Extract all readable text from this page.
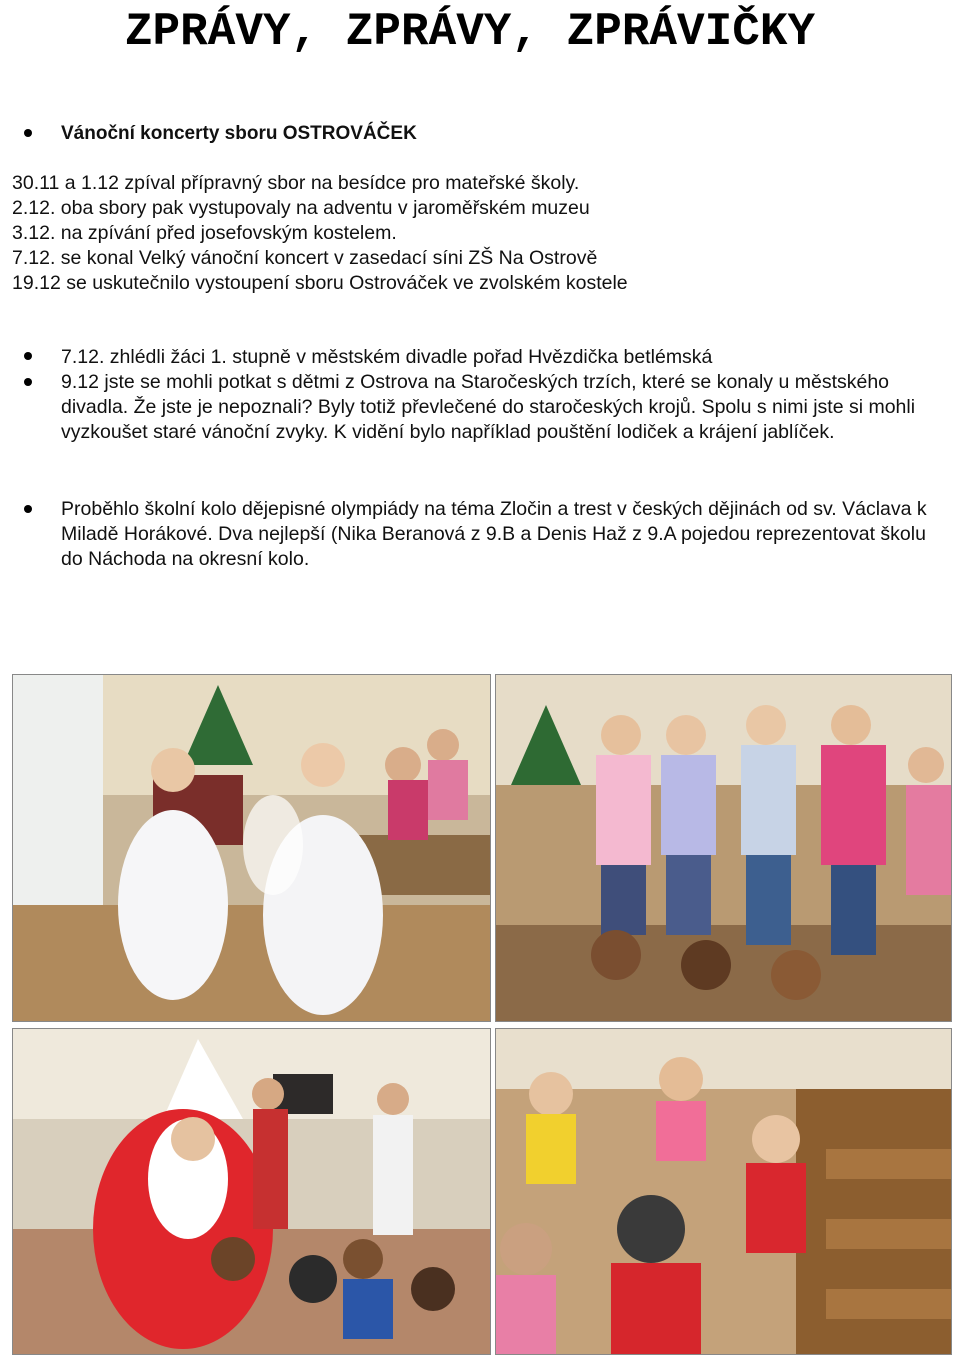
ZPRÁVY, ZPRÁVY, ZPRÁVIČKY
Vánoční koncerty sboru OSTROVÁČEK
30.11 a 1.12 zpíval přípravný sbor na besídce pro mateřské školy.
2.12. oba sbory pak vystupovaly na adventu v jaroměřském muzeu
3.12. na zpívání před josefovským kostelem.
7.12. se konal Velký vánoční koncert v zasedací síni ZŠ Na Ostrově
19.12 se uskutečnilo vystoupení sboru Ostrováček ve zvolském kostele
7.12. zhlédli žáci 1. stupně v městském divadle pořad Hvězdička betlémská
9.12 jste se mohli potkat s dětmi z Ostrova na Staročeských trzích, které se konaly u městského divadla. Že jste je nepoznali? Byly totiž převlečené do staročeských krojů. Spolu s nimi jste si mohli vyzkoušet staré vánoční zvyky. K vidění bylo například pouštění lodiček a krájení jablíček.
Proběhlo školní kolo dějepisné olympiády na téma Zločin a trest v českých dějinách od sv. Václava k Miladě Horákové. Dva nejlepší (Nika Beranová z 9.B a Denis Haž z 9.A pojedou reprezentovat školu do Náchoda na okresní kolo.
